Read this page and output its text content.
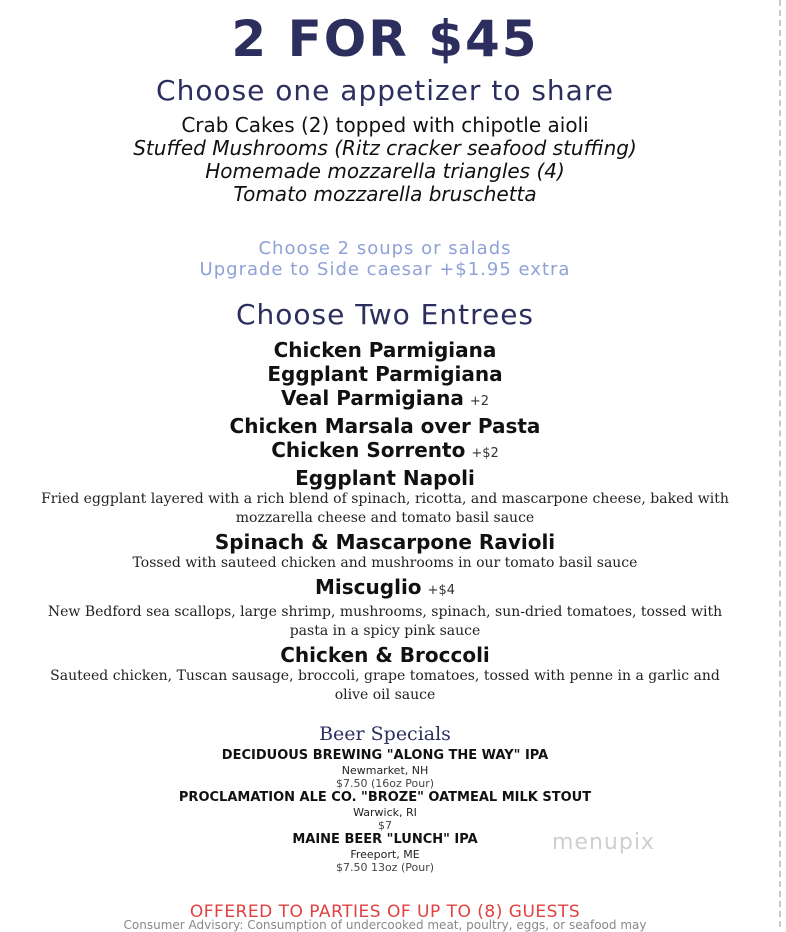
2 FOR $45
Choose one appetizer to share
Crab Cakes (2) topped with chipotle aioli
Stuffed Mushrooms (Ritz cracker seafood stuffing)
Homemade mozzarella triangles (4)
Tomato mozzarella bruschetta
Choose 2 soups or salads
Upgrade to Side caesar +$1.95 extra
Choose Two Entrees
Chicken Parmigiana
Eggplant Parmigiana
Veal Parmigiana +2
Chicken Marsala over Pasta
Chicken Sorrento +$2
Eggplant Napoli
Fried eggplant layered with a rich blend of spinach, ricotta, and mascarpone cheese, baked with mozzarella cheese and tomato basil sauce
Spinach & Mascarpone Ravioli
Tossed with sauteed chicken and mushrooms in our tomato basil sauce
Miscuglio +$4
New Bedford sea scallops, large shrimp, mushrooms, spinach, sun-dried tomatoes, tossed with pasta in a spicy pink sauce
Chicken & Broccoli
Sauteed chicken, Tuscan sausage, broccoli, grape tomatoes, tossed with penne in a garlic and olive oil sauce
Beer Specials
DECIDUOUS BREWING "ALONG THE WAY" IPA
Newmarket, NH
$7.50 (16oz Pour)
PROCLAMATION ALE CO. "BROZE" OATMEAL MILK STOUT
Warwick, RI
$7
MAINE BEER "LUNCH" IPA
Freeport, ME
$7.50 13oz (Pour)
menupix
OFFERED TO PARTIES OF UP TO (8) GUESTS
Consumer Advisory: Consumption of undercooked meat, poultry, eggs, or seafood may
